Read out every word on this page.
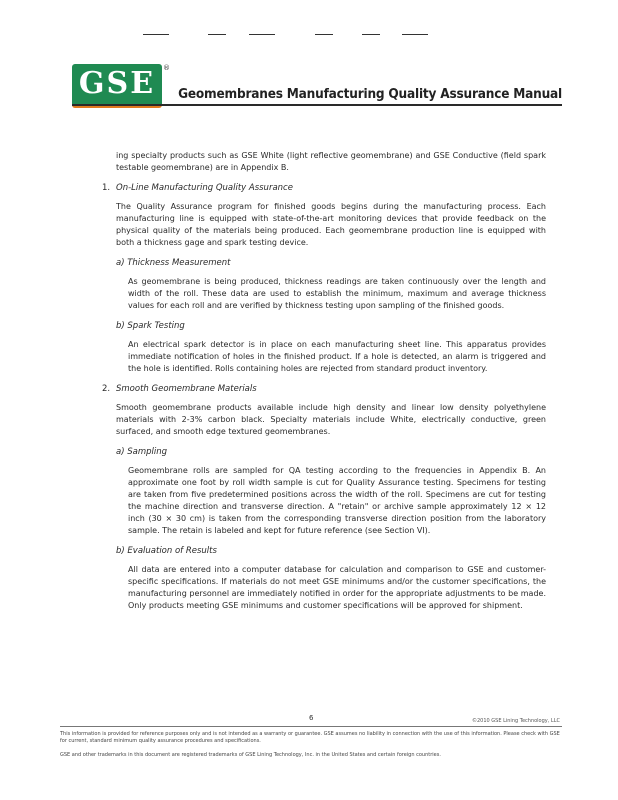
GSE	®
Geomembranes Manufacturing Quality Assurance Manual

ing specialty products such as GSE White (light reflective geomembrane) and GSE Conductive (field spark testable geomembrane) are in Appendix B.

1. On-Line Manufacturing Quality Assurance

The Quality Assurance program for finished goods begins during the manufacturing process. Each manufacturing line is equipped with state-of-the-art monitoring devices that provide feedback on the physical quality of the materials being produced. Each geomembrane production line is equipped with both a thickness gage and spark testing device.

a) Thickness Measurement

As geomembrane is being produced, thickness readings are taken continuously over the length and width of the roll. These data are used to establish the minimum, maximum and average thickness values for each roll and are verified by thickness testing upon sampling of the finished goods.

b) Spark Testing

An electrical spark detector is in place on each manufacturing sheet line. This apparatus provides immediate notification of holes in the finished product. If a hole is detected, an alarm is triggered and the hole is identified. Rolls containing holes are rejected from standard product inventory.

2. Smooth Geomembrane Materials

Smooth geomembrane products available include high density and linear low density polyethylene materials with 2-3% carbon black. Specialty materials include White, electrically conductive, green surfaced, and smooth edge textured geomembranes.

a) Sampling

Geomembrane rolls are sampled for QA testing according to the frequencies in Appendix B. An approximate one foot by roll width sample is cut for Quality Assurance testing. Specimens for testing are taken from five predetermined positions across the width of the roll. Specimens are cut for testing the machine direction and transverse direction. A "retain" or archive sample approximately 12 × 12 inch (30 × 30 cm) is taken from the corresponding transverse direction position from the laboratory sample. The retain is labeled and kept for future reference (see Section VI).

b) Evaluation of Results

All data are entered into a computer database for calculation and comparison to GSE and customer-specific specifications. If materials do not meet GSE minimums and/or the customer specifications, the manufacturing personnel are immediately notified in order for the appropriate adjustments to be made. Only products meeting GSE minimums and customer specifications will be approved for shipment.

6	©2010 GSE Lining Technology, LLC
This information is provided for reference purposes only and is not intended as a warranty or guarantee. GSE assumes no liability in connection with the use of this information. Please check with GSE for current, standard minimum quality assurance procedures and specifications.
GSE and other trademarks in this document are registered trademarks of GSE Lining Technology, Inc. in the United States and certain foreign countries.
